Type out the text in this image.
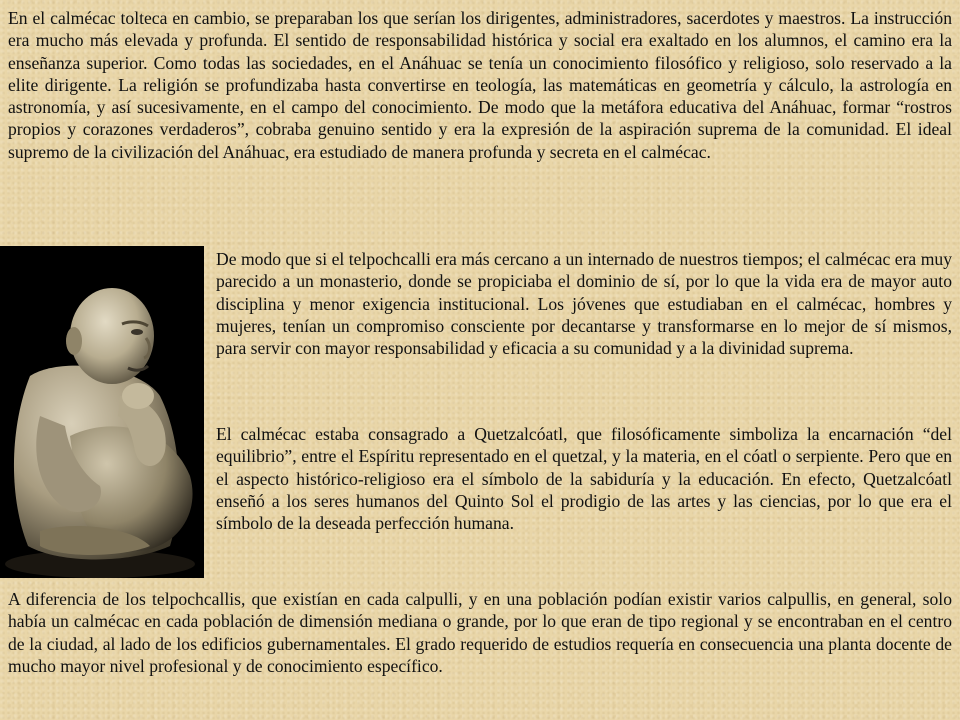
En el calmécac tolteca en cambio, se preparaban los que serían los dirigentes, administradores, sacerdotes y maestros. La instrucción era mucho más elevada y profunda. El sentido de responsabilidad histórica y social era exaltado en los alumnos, el camino era la enseñanza superior. Como todas las sociedades, en el Anáhuac se tenía un conocimiento filosófico y religioso, solo reservado a la elite dirigente. La religión se profundizaba hasta convertirse en teología, las matemáticas en geometría y cálculo, la astrología en astronomía, y así sucesivamente, en el campo del conocimiento. De modo que la metáfora educativa del Anáhuac, formar “rostros propios y corazones verdaderos”, cobraba genuino sentido y era la expresión de la aspiración suprema de la comunidad. El ideal supremo de la civilización del Anáhuac, era estudiado de manera profunda y secreta en el calmécac.

De modo que si el telpochcalli era más cercano a un internado de nuestros tiempos; el calmécac era muy parecido a un monasterio, donde se propiciaba el dominio de sí, por lo que la vida era de mayor auto disciplina y menor exigencia institucional. Los jóvenes que estudiaban en el calmécac, hombres y mujeres, tenían un compromiso consciente por decantarse y transformarse en lo mejor de sí mismos, para servir con mayor responsabilidad y eficacia a su comunidad y a la divinidad suprema.

El calmécac estaba consagrado a Quetzalcóatl, que filosóficamente simboliza la encarnación “del equilibrio”, entre el Espíritu representado en el quetzal, y la materia, en el cóatl o serpiente. Pero que en el aspecto histórico-religioso era el símbolo de la sabiduría y la educación. En efecto, Quetzalcóatl enseñó a los seres humanos del Quinto Sol el prodigio de las artes y las ciencias, por lo que era el símbolo de la deseada perfección humana.

A diferencia de los telpochcallis, que existían en cada calpulli, y en una población podían existir varios calpullis, en general, solo había un calmécac en cada población de dimensión mediana o grande, por lo que eran de tipo regional y se encontraban en el centro de la ciudad, al lado de los edificios gubernamentales. El grado requerido de estudios requería en consecuencia una planta docente de mucho mayor nivel profesional y de conocimiento específico.
